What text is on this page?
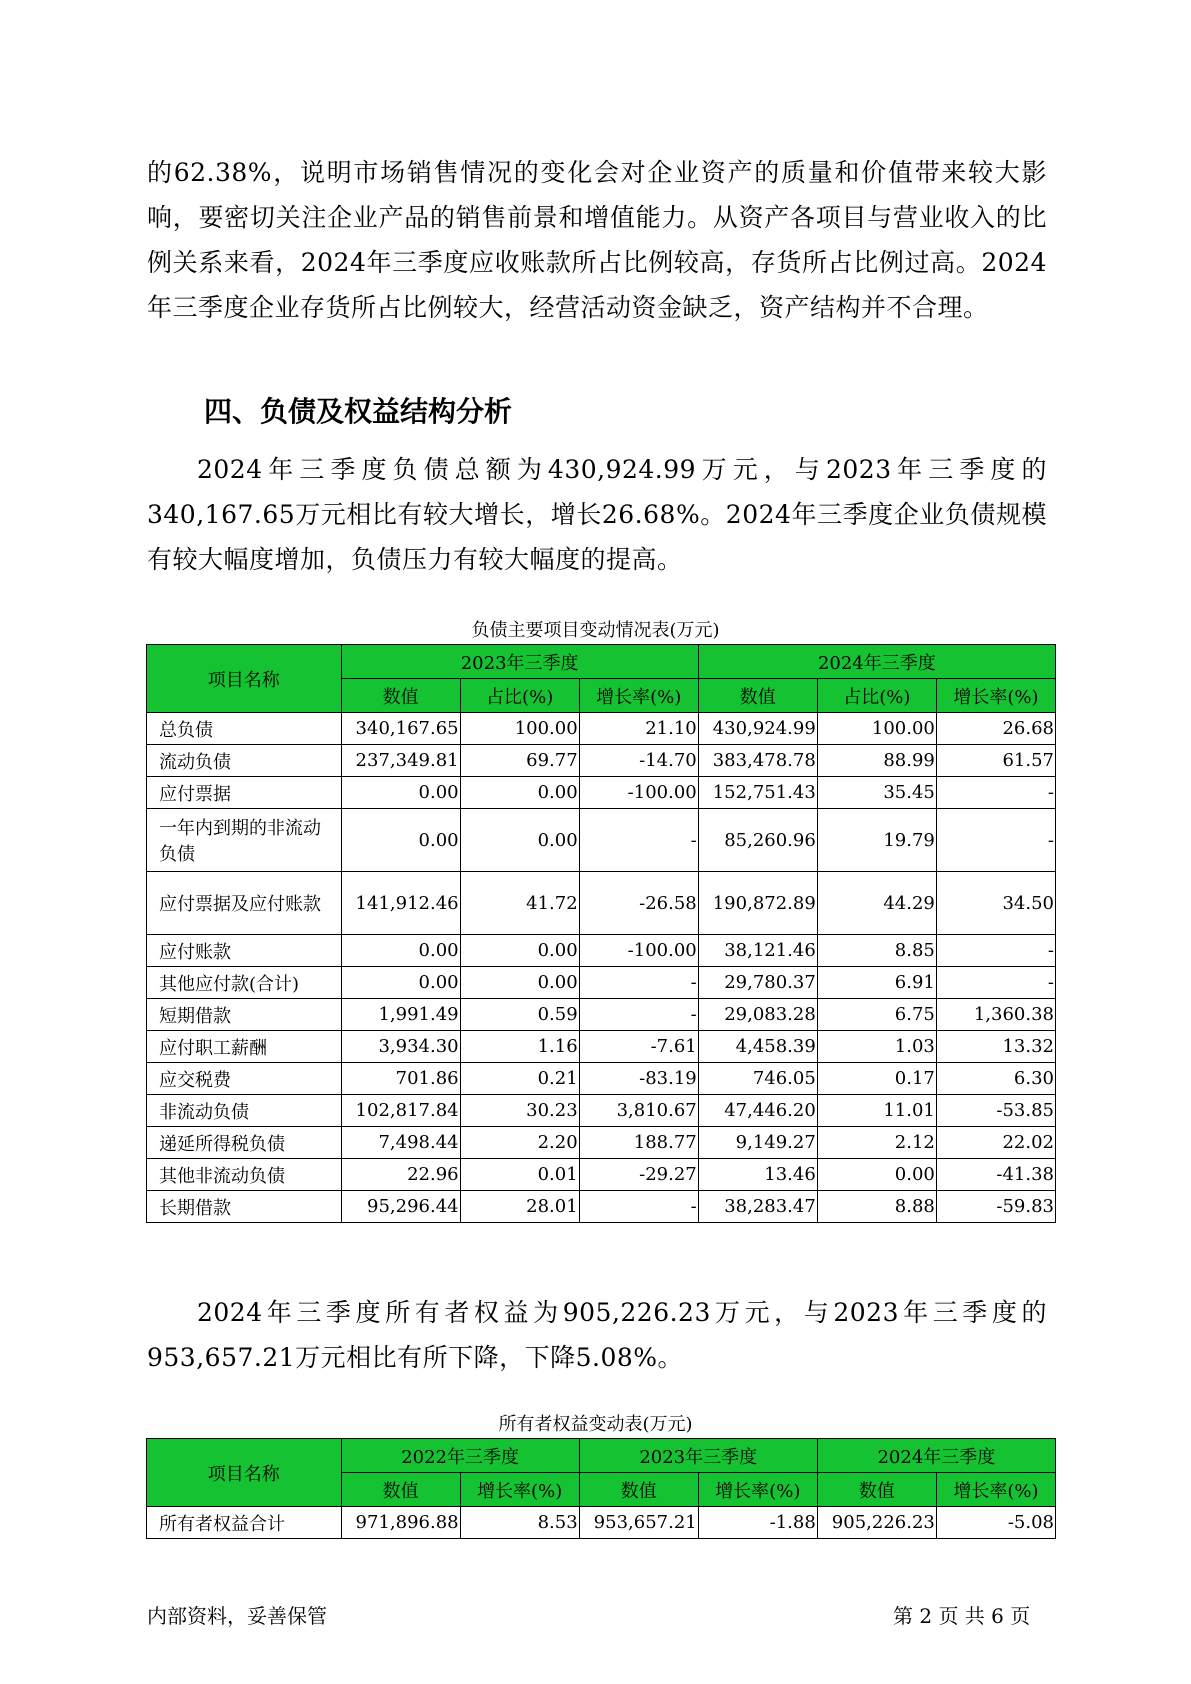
的62.38%，说明市场销售情况的变化会对企业资产的质量和价值带来较大影响，要密切关注企业产品的销售前景和增值能力。从资产各项目与营业收入的比例关系来看，2024年三季度应收账款所占比例较高，存货所占比例过高。2024年三季度企业存货所占比例较大，经营活动资金缺乏，资产结构并不合理。
四、负债及权益结构分析
2024年三季度负债总额为430,924.99万元，与2023年三季度的340,167.65万元相比有较大增长，增长26.68%。2024年三季度企业负债规模有较大幅度增加，负债压力有较大幅度的提高。
负债主要项目变动情况表(万元)
项目名称	2023年三季度			2024年三季度		
	数值	占比(%)	增长率(%)	数值	占比(%)	增长率(%)
总负债	340,167.65	100.00	21.10	430,924.99	100.00	26.68
流动负债	237,349.81	69.77	-14.70	383,478.78	88.99	61.57
应付票据	0.00	0.00	-100.00	152,751.43	35.45	-
一年内到期的非流动负债	0.00	0.00	-	85,260.96	19.79	-
应付票据及应付账款	141,912.46	41.72	-26.58	190,872.89	44.29	34.50
应付账款	0.00	0.00	-100.00	38,121.46	8.85	-
其他应付款(合计)	0.00	0.00	-	29,780.37	6.91	-
短期借款	1,991.49	0.59	-	29,083.28	6.75	1,360.38
应付职工薪酬	3,934.30	1.16	-7.61	4,458.39	1.03	13.32
应交税费	701.86	0.21	-83.19	746.05	0.17	6.30
非流动负债	102,817.84	30.23	3,810.67	47,446.20	11.01	-53.85
递延所得税负债	7,498.44	2.20	188.77	9,149.27	2.12	22.02
其他非流动负债	22.96	0.01	-29.27	13.46	0.00	-41.38
长期借款	95,296.44	28.01	-	38,283.47	8.88	-59.83
2024年三季度所有者权益为905,226.23万元，与2023年三季度的953,657.21万元相比有所下降，下降5.08%。
所有者权益变动表(万元)
项目名称	2022年三季度		2023年三季度		2024年三季度	
	数值	增长率(%)	数值	增长率(%)	数值	增长率(%)
所有者权益合计	971,896.88	8.53	953,657.21	-1.88	905,226.23	-5.08
内部资料，妥善保管	第 2 页 共 6 页
